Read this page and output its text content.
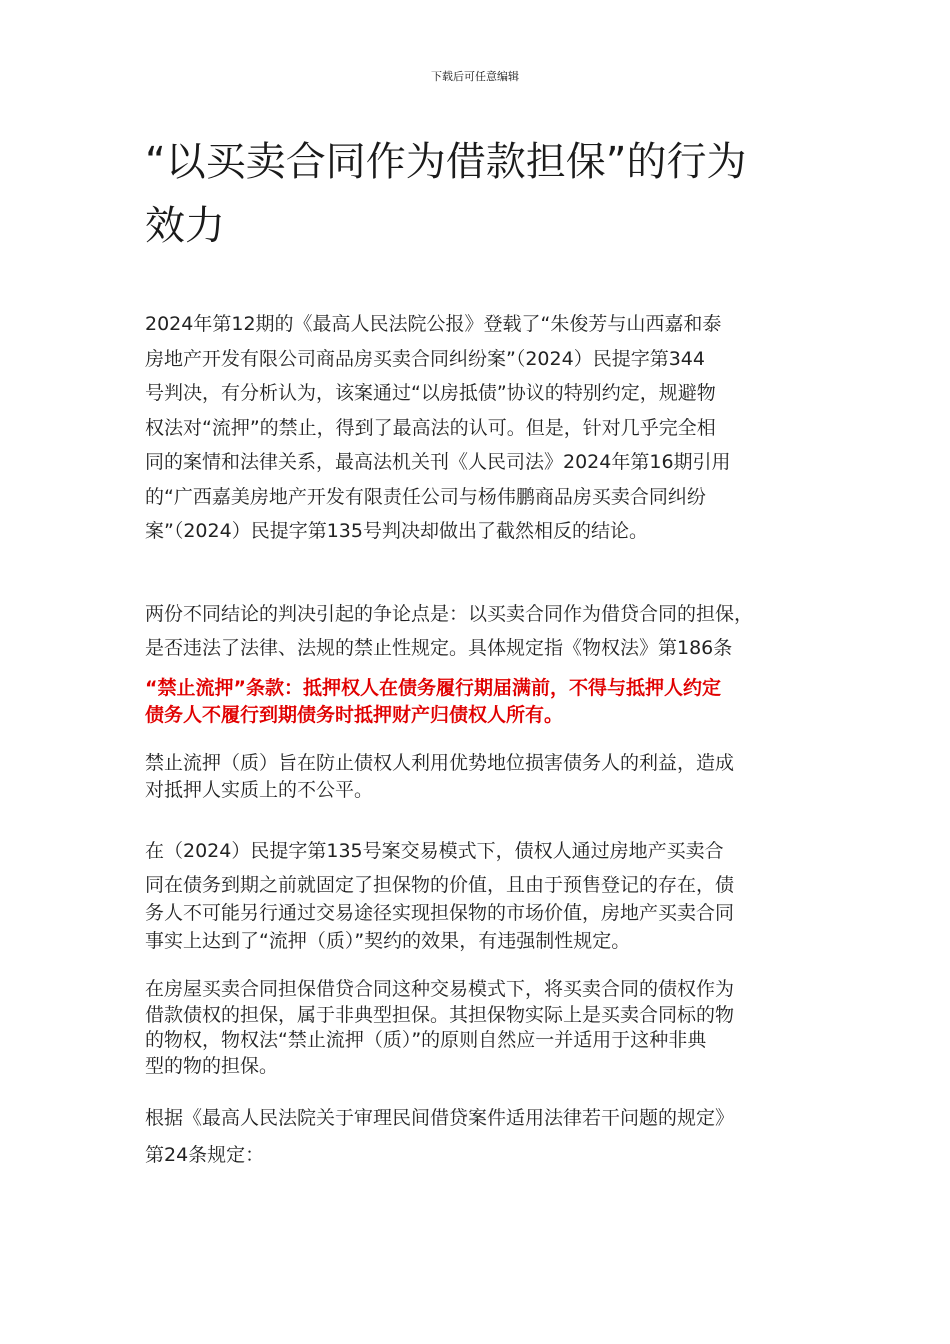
下载后可任意编辑
“以买卖合同作为借款担保”的行为
效力

2024年第12期的《最高人民法院公报》登载了“朱俊芳与山西嘉和泰
房地产开发有限公司商品房买卖合同纠纷案”（2024）民提字第344
号判决，有分析认为，该案通过“以房抵债”协议的特别约定，规避物
权法对“流押”的禁止，得到了最高法的认可。但是，针对几乎完全相
同的案情和法律关系，最高法机关刊《人民司法》2024年第16期引用
的“广西嘉美房地产开发有限责任公司与杨伟鹏商品房买卖合同纠纷
案”（2024）民提字第135号判决却做出了截然相反的结论。

两份不同结论的判决引起的争论点是：以买卖合同作为借贷合同的担保，
是否违法了法律、法规的禁止性规定。具体规定指《物权法》第186条

“禁止流押”条款：抵押权人在债务履行期届满前，不得与抵押人约定
债务人不履行到期债务时抵押财产归债权人所有。

禁止流押（质）旨在防止债权人利用优势地位损害债务人的利益，造成
对抵押人实质上的不公平。

在（2024）民提字第135号案交易模式下，债权人通过房地产买卖合
同在债务到期之前就固定了担保物的价值，且由于预售登记的存在，债
务人不可能另行通过交易途径实现担保物的市场价值，房地产买卖合同
事实上达到了“流押（质）”契约的效果，有违强制性规定。

在房屋买卖合同担保借贷合同这种交易模式下，将买卖合同的债权作为
借款债权的担保，属于非典型担保。其担保物实际上是买卖合同标的物
的物权，物权法“禁止流押（质）”的原则自然应一并适用于这种非典
型的物的担保。

根据《最高人民法院关于审理民间借贷案件适用法律若干问题的规定》
第24条规定：
